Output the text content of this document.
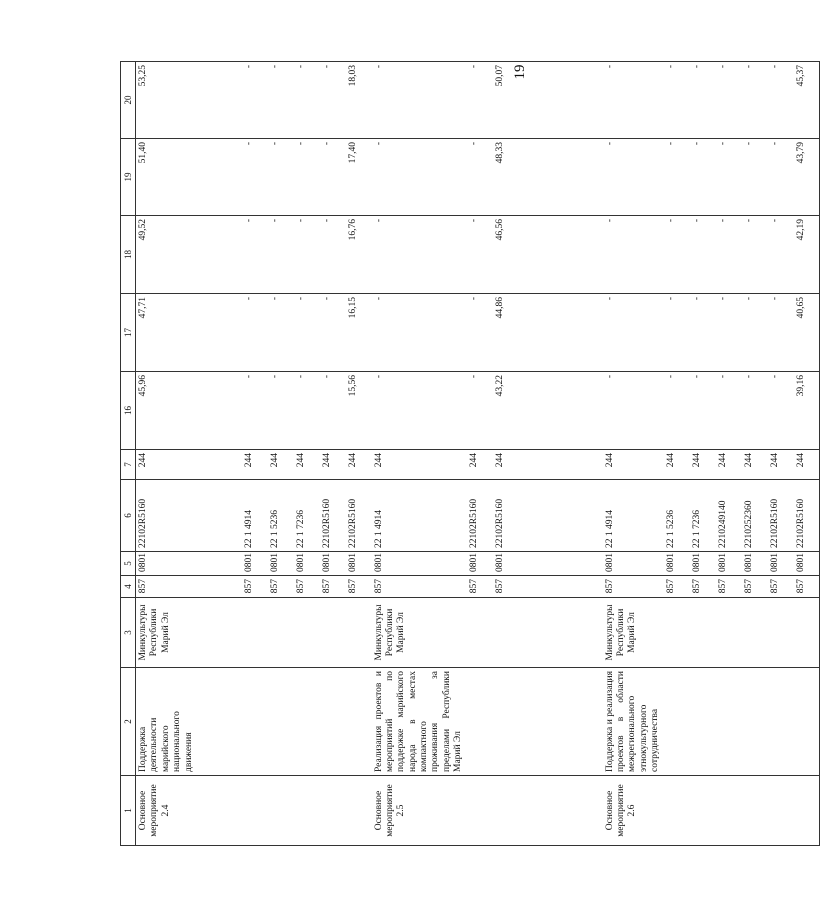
19
1	2	3	4	5	6	7	16	17	18	19	20
Основное мероприятие 2.4	Поддержка деятельности марийского национального движения	Минкультуры Республики Марий Эл	857	0801	22102R5160	244	45,96	47,71	49,52	51,40	53,25
			857	0801	22 1 4914	244	-	-	-	-	-
			857	0801	22 1 5236	244	-	-	-	-	-
			857	0801	22 1 7236	244	-	-	-	-	-
			857	0801	22102R5160	244	-	-	-	-	-
			857	0801	22102R5160	244	15,56	16,15	16,76	17,40	18,03
Основное мероприятие 2.5	Реализация проектов и мероприятий по поддержке марийского народа в местах компактного проживания за пределами Республики Марий Эл	Минкультуры Республики Марий Эл	857	0801	22 1 4914	244	-	-	-	-	-
			857	0801	22102R5160	244	-	-	-	-	-
			857	0801	22102R5160	244	43,22	44,86	46,56	48,33	50,07
Основное мероприятие 2.6	Поддержка и реализация проектов в области межрегионального этнокультурного сотрудничества	Минкультуры Республики Марий Эл	857	0801	22 1 4914	244	-	-	-	-	-
			857	0801	22 1 5236	244	-	-	-	-	-
			857	0801	22 1 7236	244	-	-	-	-	-
			857	0801	2210249140	244	-	-	-	-	-
			857	0801	2210252360	244	-	-	-	-	-
			857	0801	22102R5160	244	-	-	-	-	-
			857	0801	22102R5160	244	39,16	40,65	42,19	43,79	45,37
